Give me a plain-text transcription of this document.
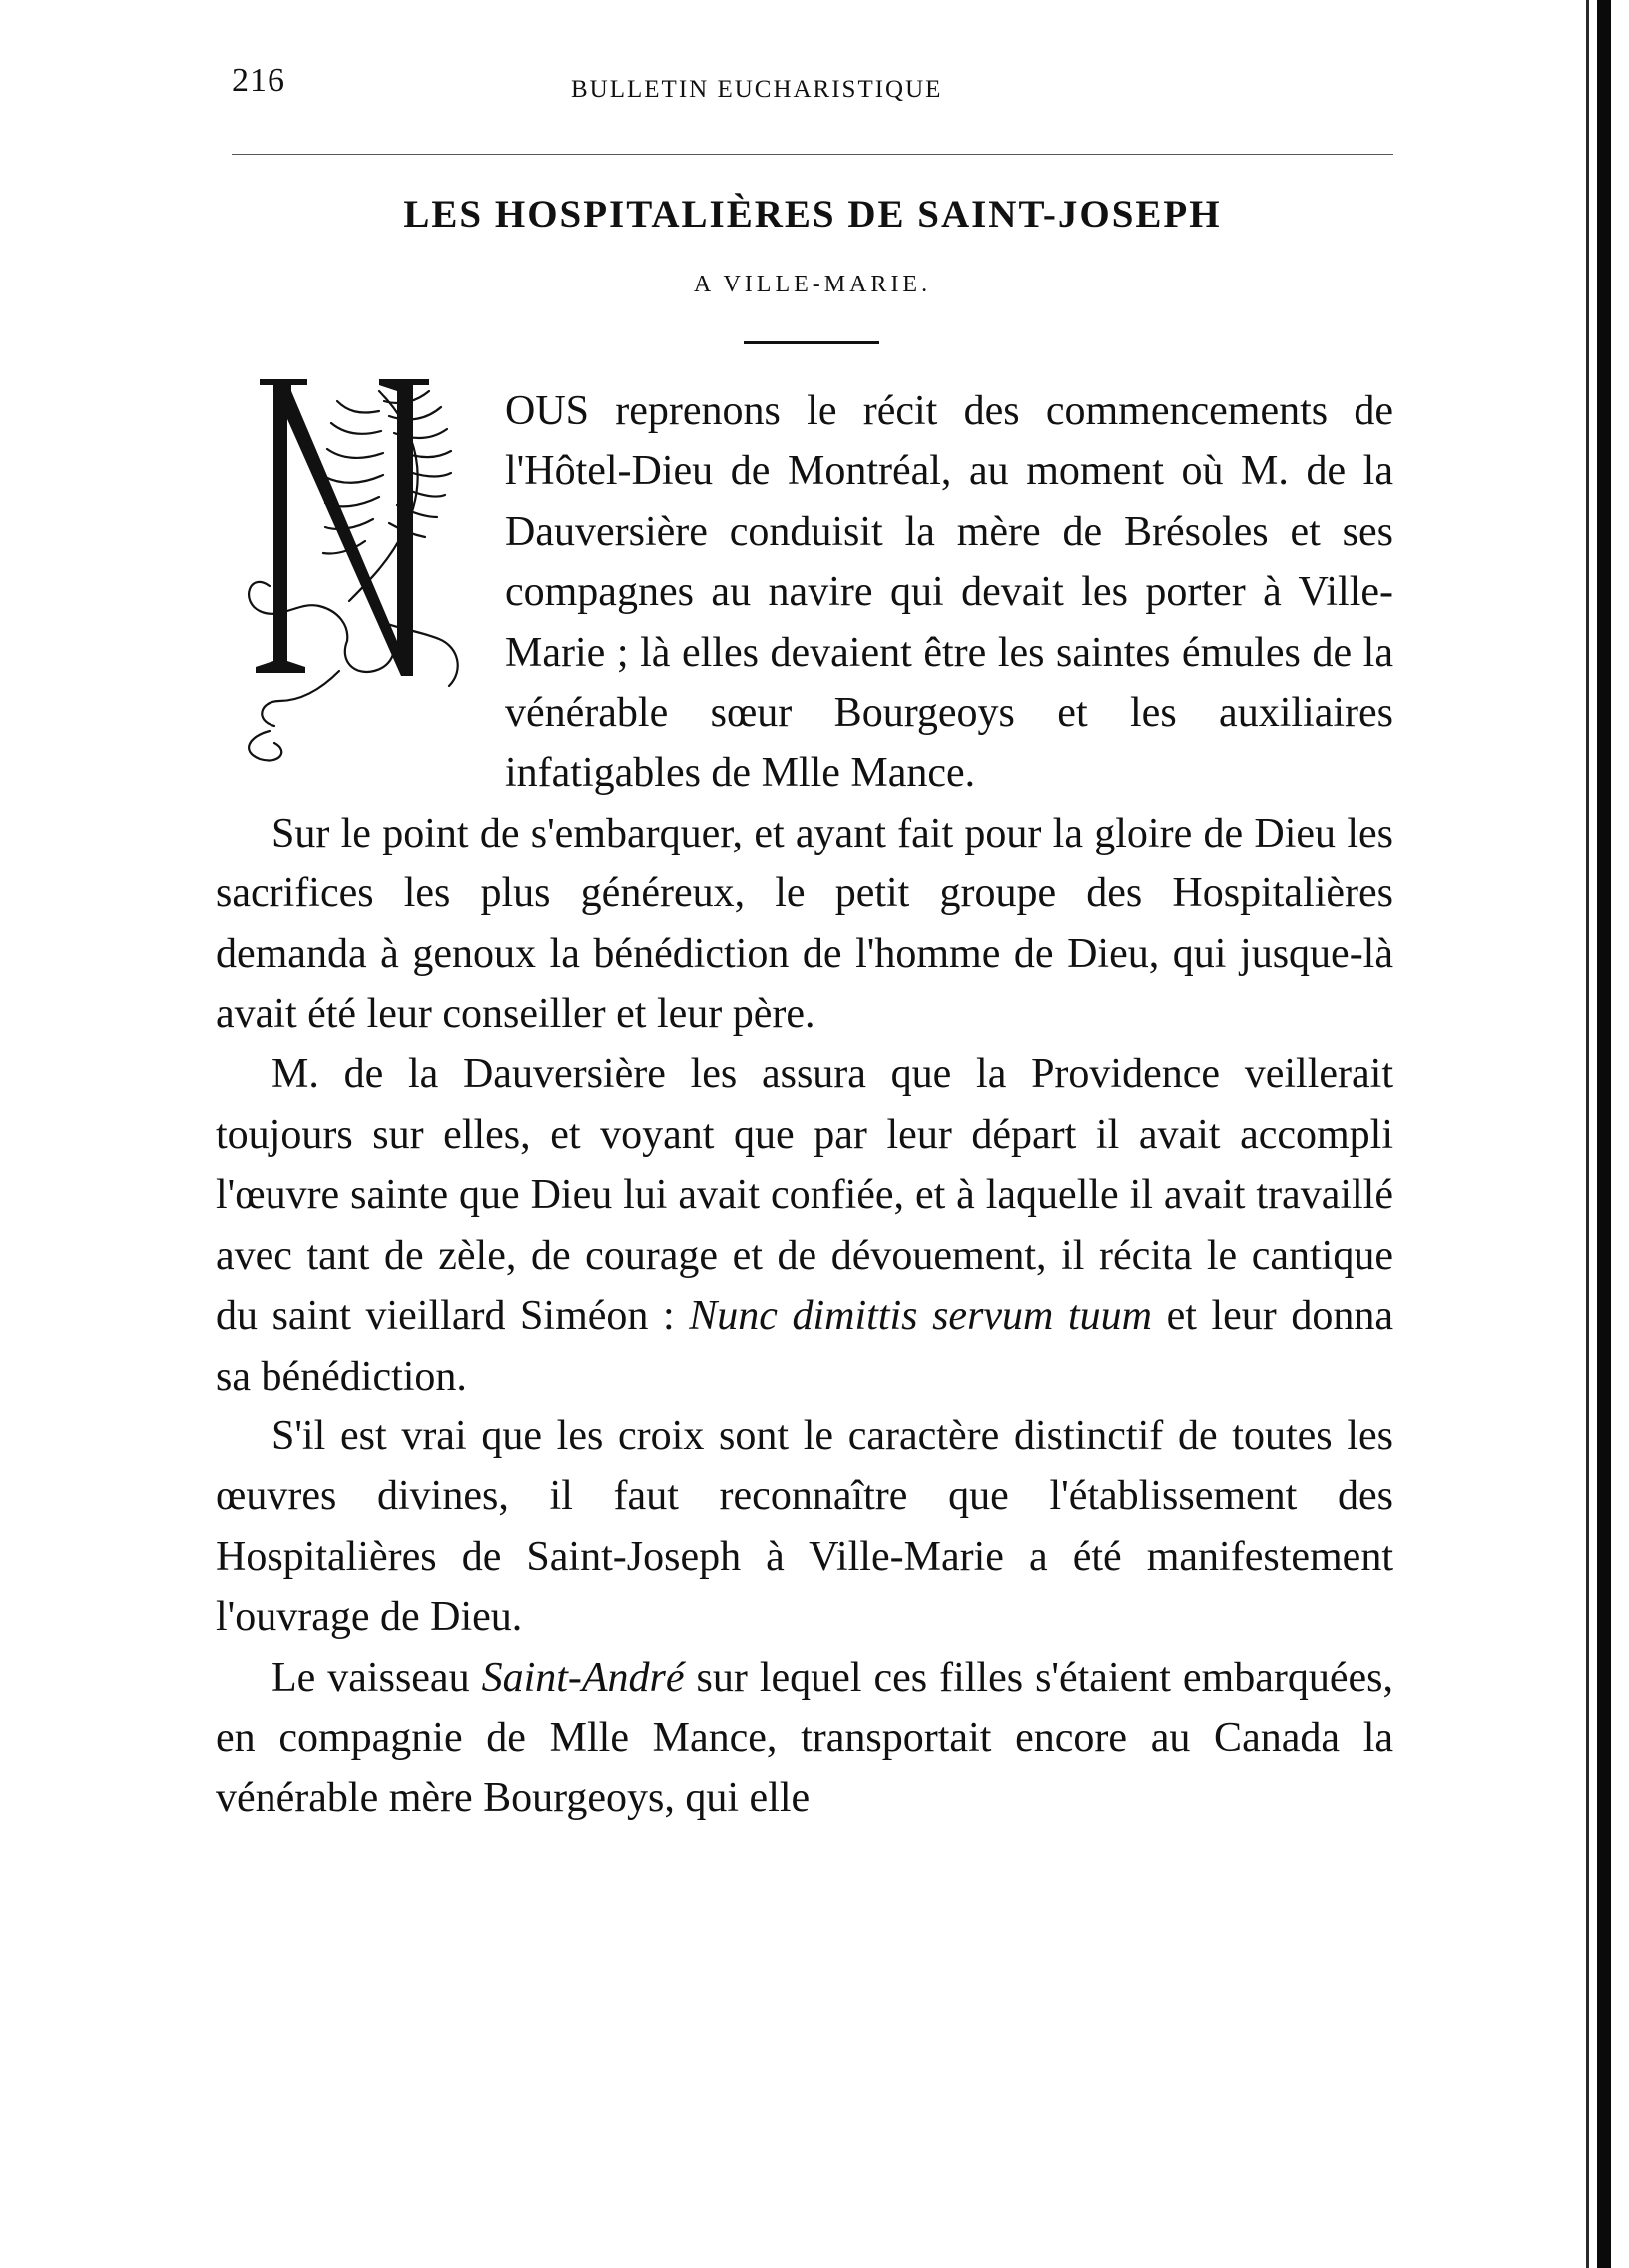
216	BULLETIN EUCHARISTIQUE
LES HOSPITALIÈRES DE SAINT-JOSEPH
A VILLE-MARIE.

OUS reprenons le récit des commencements de l'Hôtel-Dieu de Montréal, au moment où M. de la Dauversière conduisit la mère de Brésoles et ses compagnes au navire qui devait les porter à Ville-Marie ; là elles devaient être les saintes émules de la vénérable sœur Bourgeoys et les auxiliaires infatigables de Mlle Mance.

Sur le point de s'embarquer, et ayant fait pour la gloire de Dieu les sacrifices les plus généreux, le petit groupe des Hospitalières demanda à genoux la bénédiction de l'homme de Dieu, qui jusque-là avait été leur conseiller et leur père.

M. de la Dauversière les assura que la Providence veillerait toujours sur elles, et voyant que par leur départ il avait accompli l'œuvre sainte que Dieu lui avait confiée, et à laquelle il avait travaillé avec tant de zèle, de courage et de dévouement, il récita le cantique du saint vieillard Siméon : Nunc dimittis servum tuum et leur donna sa bénédiction.

S'il est vrai que les croix sont le caractère distinctif de toutes les œuvres divines, il faut reconnaître que l'établissement des Hospitalières de Saint-Joseph à Ville-Marie a été manifestement l'ouvrage de Dieu.

Le vaisseau Saint-André sur lequel ces filles s'étaient embarquées, en compagnie de Mlle Mance, transportait encore au Canada la vénérable mère Bourgeoys, qui elle
